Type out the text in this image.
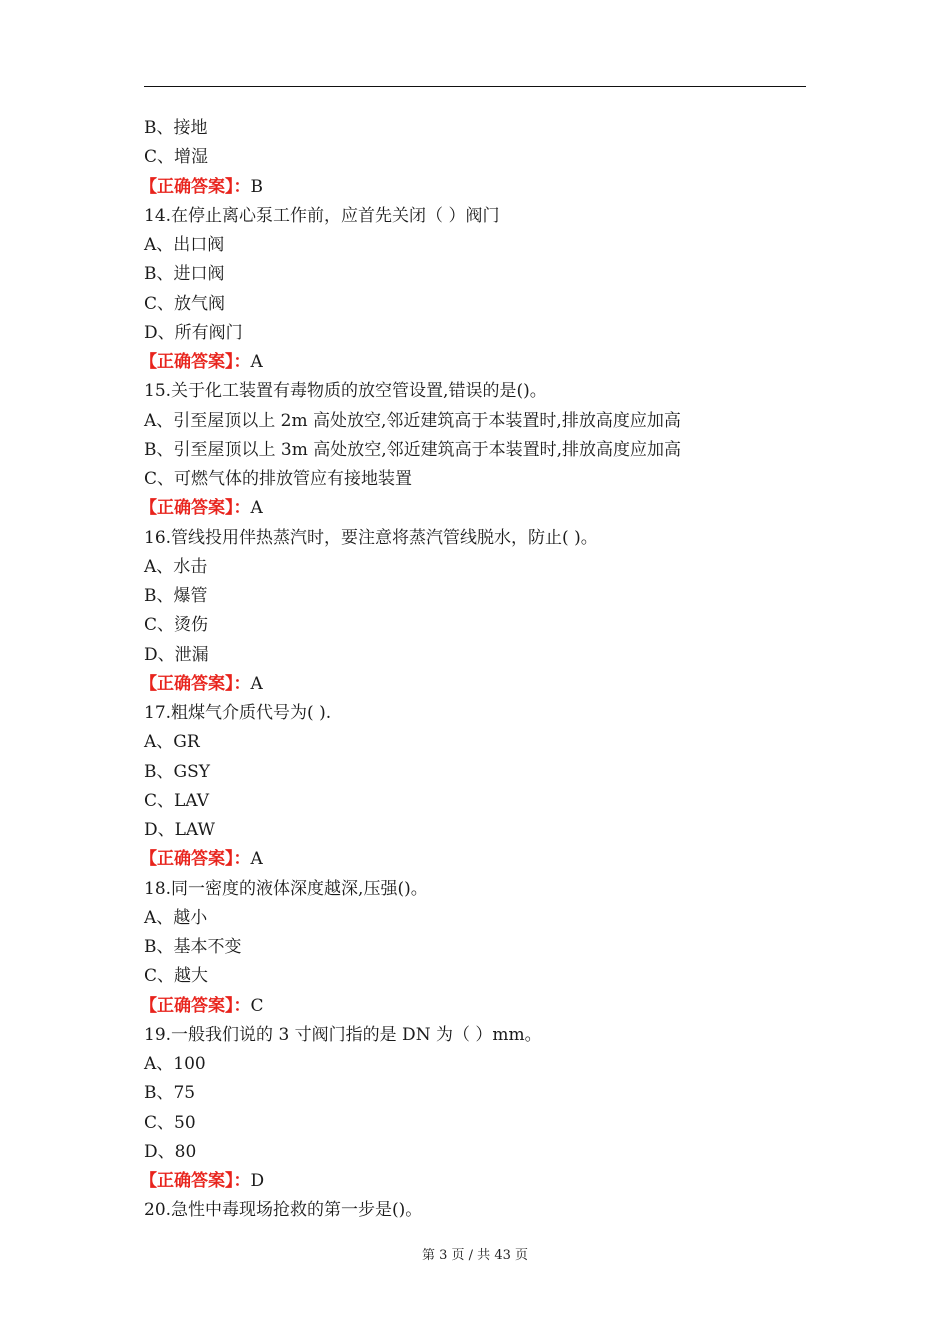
B、接地
C、增湿
【正确答案】：B
14.在停止离心泵工作前，应首先关闭（ ）阀门
A、出口阀
B、进口阀
C、放气阀
D、所有阀门
【正确答案】：A
15.关于化工装置有毒物质的放空管设置,错误的是()。
A、引至屋顶以上 2m 高处放空,邻近建筑高于本装置时,排放高度应加高
B、引至屋顶以上 3m 高处放空,邻近建筑高于本装置时,排放高度应加高
C、可燃气体的排放管应有接地装置
【正确答案】：A
16.管线投用伴热蒸汽时，要注意将蒸汽管线脱水，防止( )。
A、水击
B、爆管
C、烫伤
D、泄漏
【正确答案】：A
17.粗煤气介质代号为( ).
A、GR
B、GSY
C、LAV
D、LAW
【正确答案】：A
18.同一密度的液体深度越深,压强()。
A、越小
B、基本不变
C、越大
【正确答案】：C
19.一般我们说的 3 寸阀门指的是 DN 为（ ）mm。
A、100
B、75
C、50
D、80
【正确答案】：D
20.急性中毒现场抢救的第一步是()。
第 3 页 / 共 43 页
